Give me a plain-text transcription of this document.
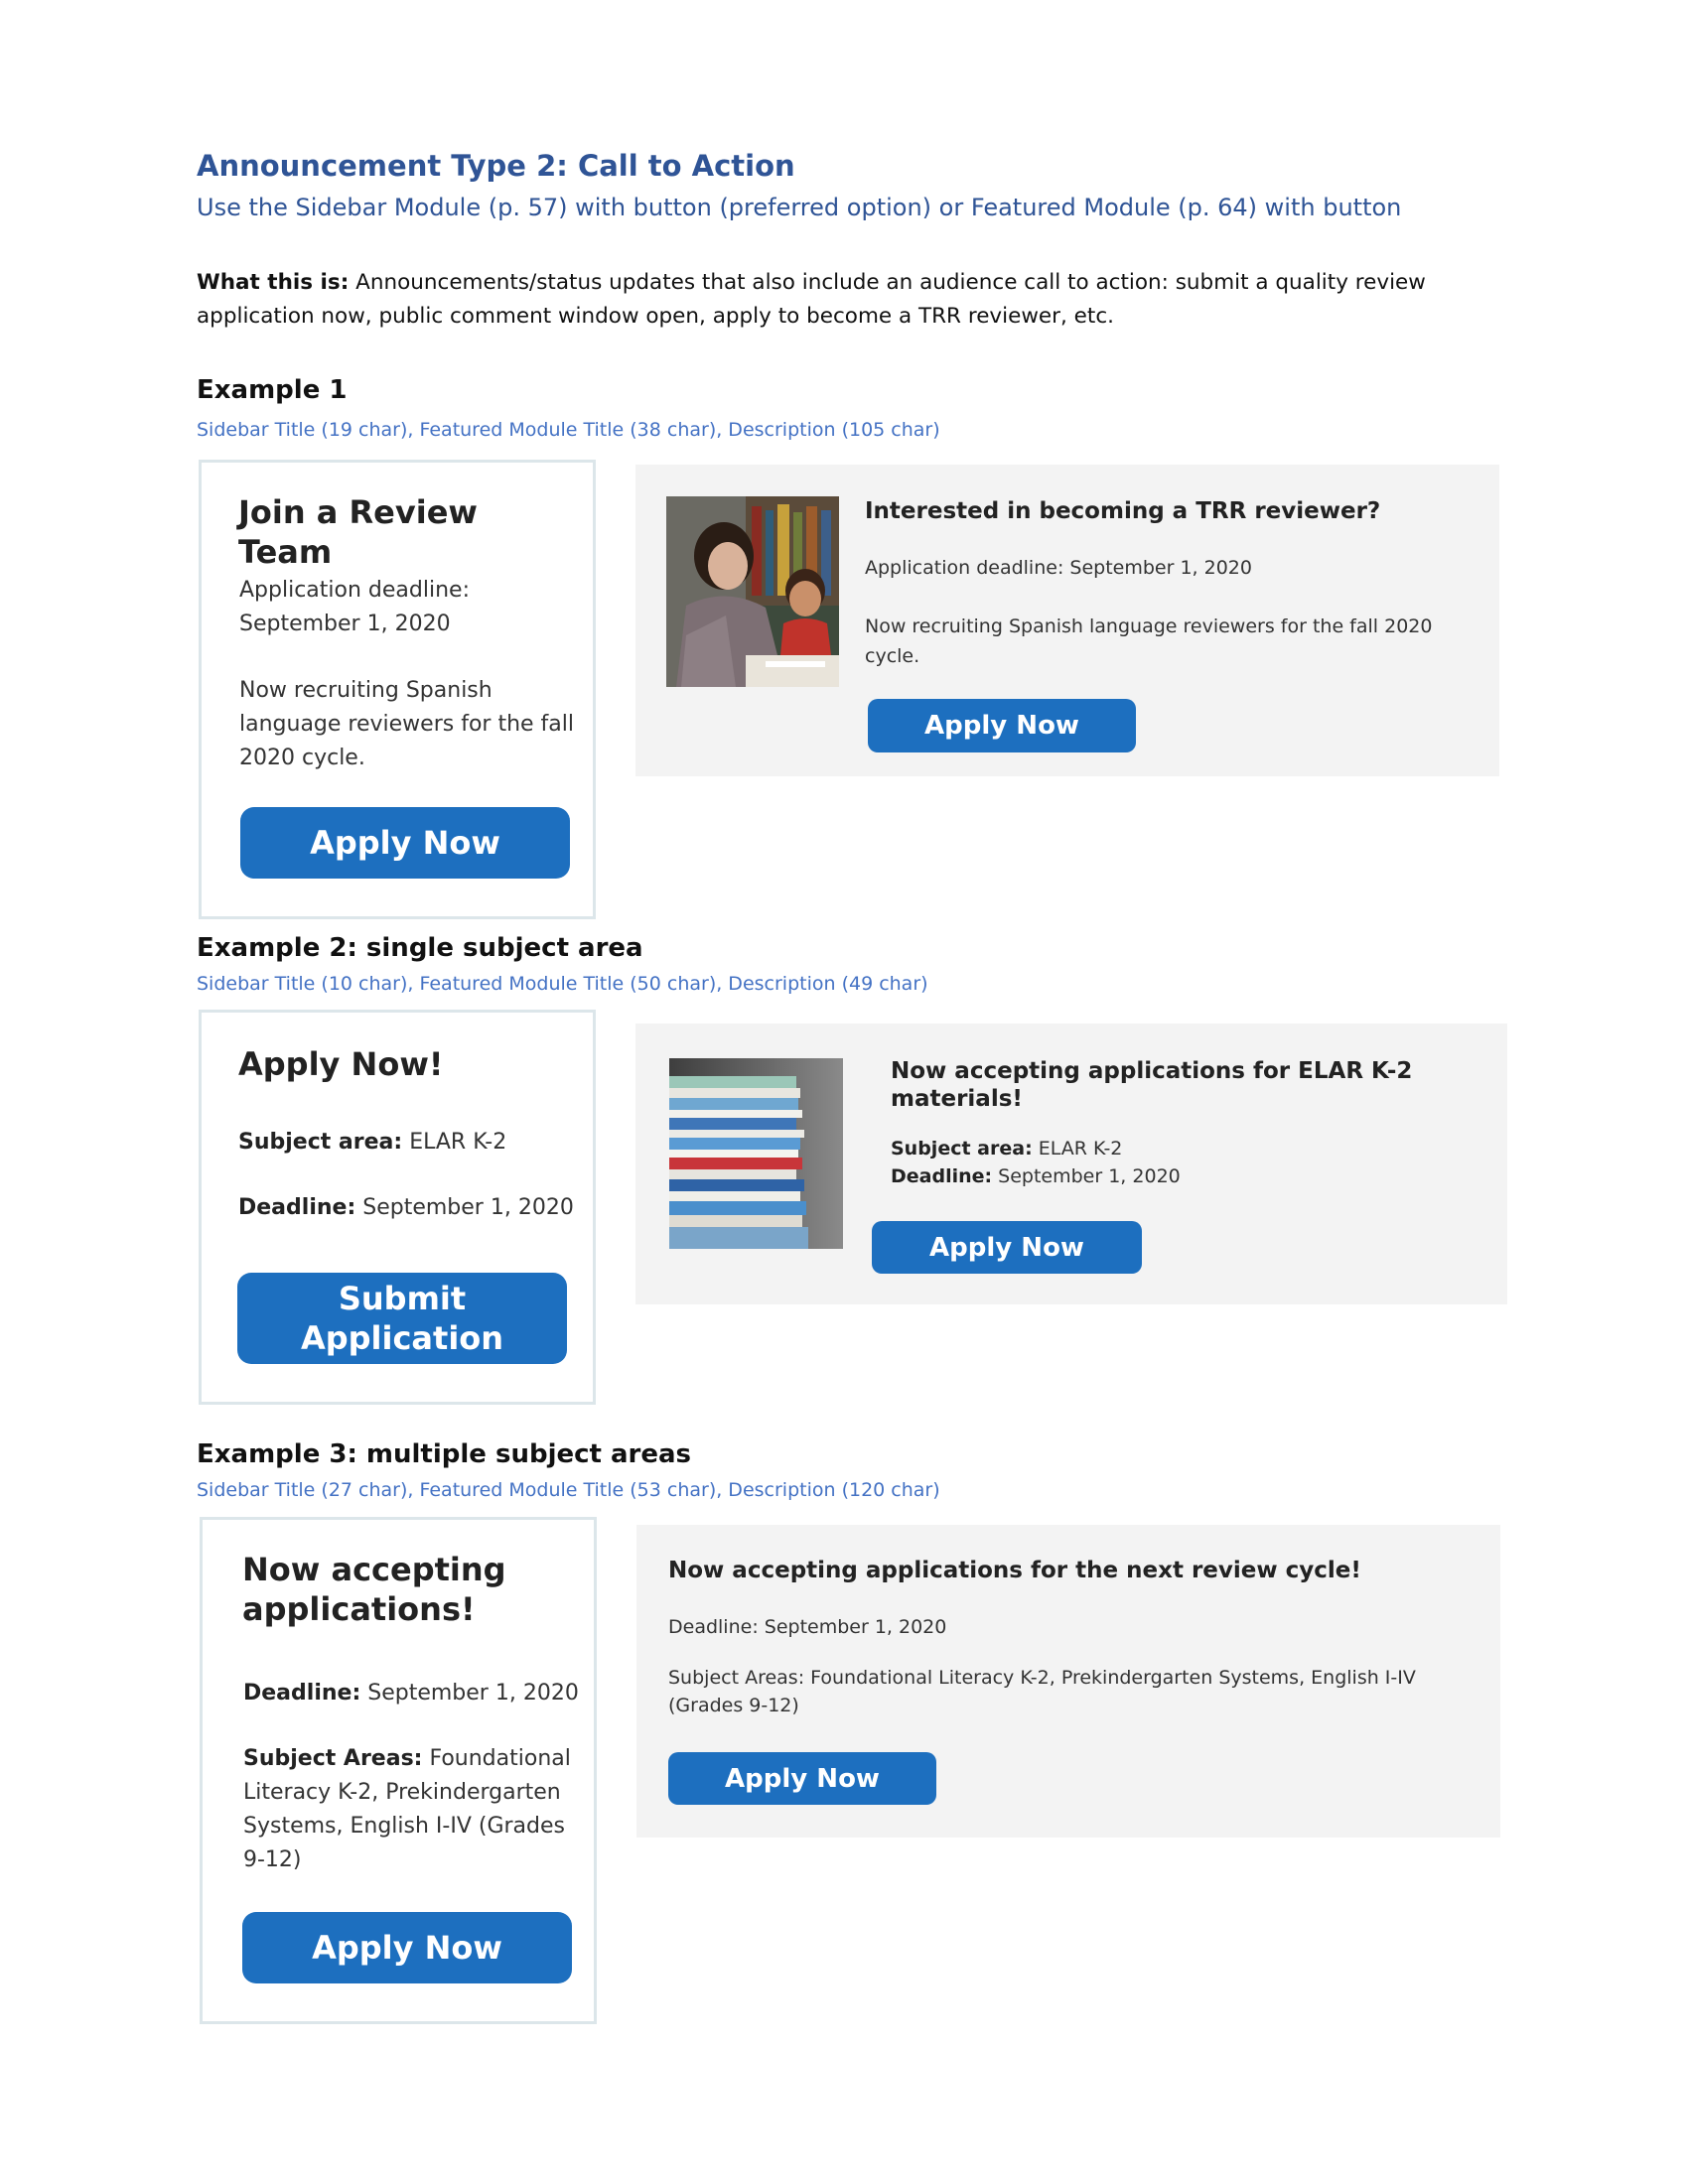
Announcement Type 2: Call to Action
Use the Sidebar Module (p. 57) with button (preferred option) or Featured Module (p. 64) with button
What this is: Announcements/status updates that also include an audience call to action: submit a quality review application now, public comment window open, apply to become a TRR reviewer, etc.
Example 1
Sidebar Title (19 char), Featured Module Title (38 char), Description (105 char)
Join a Review Team
Application deadline: September 1, 2020
Now recruiting Spanish language reviewers for the fall 2020 cycle.
Apply Now
Interested in becoming a TRR reviewer?
Application deadline: September 1, 2020
Now recruiting Spanish language reviewers for the fall 2020 cycle.
Apply Now
Example 2: single subject area
Sidebar Title (10 char), Featured Module Title (50 char), Description (49 char)
Apply Now!
Subject area: ELAR K-2
Deadline: September 1, 2020
Submit Application
Now accepting applications for ELAR K-2 materials!
Subject area: ELAR K-2
Deadline: September 1, 2020
Apply Now
Example 3: multiple subject areas
Sidebar Title (27 char), Featured Module Title (53 char), Description (120 char)
Now accepting applications!
Deadline: September 1, 2020
Subject Areas: Foundational Literacy K-2, Prekindergarten Systems, English I-IV (Grades 9-12)
Apply Now
Now accepting applications for the next review cycle!
Deadline: September 1, 2020
Subject Areas: Foundational Literacy K-2, Prekindergarten Systems, English I-IV (Grades 9-12)
Apply Now
